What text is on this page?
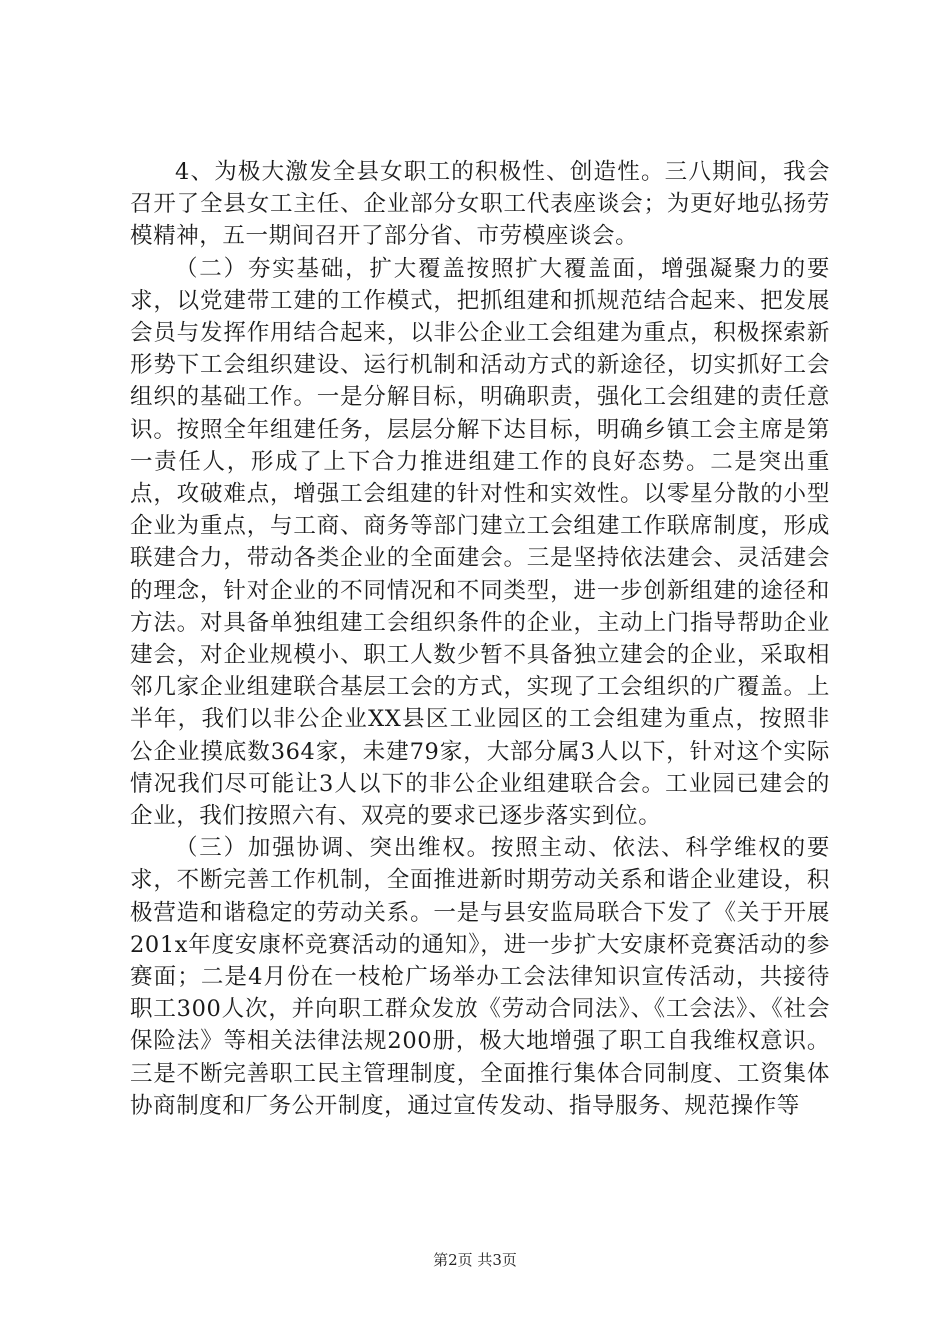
4、为极大激发全县女职工的积极性、创造性。三八期间，我会召开了全县女工主任、企业部分女职工代表座谈会；为更好地弘扬劳模精神，五一期间召开了部分省、市劳模座谈会。

（二）夯实基础，扩大覆盖按照扩大覆盖面，增强凝聚力的要求，以党建带工建的工作模式，把抓组建和抓规范结合起来、把发展会员与发挥作用结合起来，以非公企业工会组建为重点，积极探索新形势下工会组织建设、运行机制和活动方式的新途径，切实抓好工会组织的基础工作。一是分解目标，明确职责，强化工会组建的责任意识。按照全年组建任务，层层分解下达目标，明确乡镇工会主席是第一责任人，形成了上下合力推进组建工作的良好态势。二是突出重点，攻破难点，增强工会组建的针对性和实效性。以零星分散的小型企业为重点，与工商、商务等部门建立工会组建工作联席制度，形成联建合力，带动各类企业的全面建会。三是坚持依法建会、灵活建会的理念，针对企业的不同情况和不同类型，进一步创新组建的途径和方法。对具备单独组建工会组织条件的企业，主动上门指导帮助企业建会，对企业规模小、职工人数少暂不具备独立建会的企业，采取相邻几家企业组建联合基层工会的方式，实现了工会组织的广覆盖。上半年，我们以非公企业XX县区工业园区的工会组建为重点，按照非公企业摸底数364家，未建79家，大部分属3人以下，针对这个实际情况我们尽可能让3人以下的非公企业组建联合会。工业园已建会的企业，我们按照六有、双亮的要求已逐步落实到位。

（三）加强协调、突出维权。按照主动、依法、科学维权的要求，不断完善工作机制，全面推进新时期劳动关系和谐企业建设，积极营造和谐稳定的劳动关系。一是与县安监局联合下发了《关于开展201x年度安康杯竞赛活动的通知》，进一步扩大安康杯竞赛活动的参赛面；二是4月份在一枝枪广场举办工会法律知识宣传活动，共接待职工300人次，并向职工群众发放《劳动合同法》、《工会法》、《社会保险法》等相关法律法规200册，极大地增强了职工自我维权意识。三是不断完善职工民主管理制度，全面推行集体合同制度、工资集体协商制度和厂务公开制度，通过宣传发动、指导服务、规范操作等

第2页 共3页
